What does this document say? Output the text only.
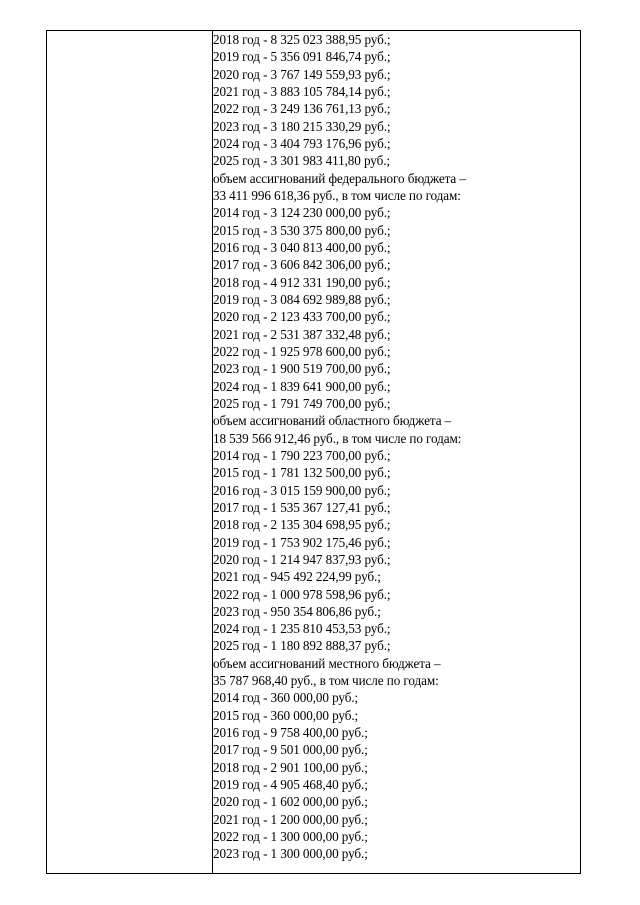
2018 год - 8 325 023 388,95 руб.;
2019 год - 5 356 091 846,74 руб.;
2020 год - 3 767 149 559,93 руб.;
2021 год - 3 883 105 784,14 руб.;
2022 год - 3 249 136 761,13 руб.;
2023 год - 3 180 215 330,29 руб.;
2024 год - 3 404 793 176,96 руб.;
2025 год - 3 301 983 411,80 руб.;
объем ассигнований федерального бюджета –
33 411 996 618,36 руб., в том числе по годам:
2014 год - 3 124 230 000,00 руб.;
2015 год - 3 530 375 800,00 руб.;
2016 год - 3 040 813 400,00 руб.;
2017 год - 3 606 842 306,00 руб.;
2018 год - 4 912 331 190,00 руб.;
2019 год - 3 084 692 989,88 руб.;
2020 год - 2 123 433 700,00 руб.;
2021 год - 2 531 387 332,48 руб.;
2022 год - 1 925 978 600,00 руб.;
2023 год - 1 900 519 700,00 руб.;
2024 год - 1 839 641 900,00 руб.;
2025 год - 1 791 749 700,00 руб.;
объем ассигнований областного бюджета –
18 539 566 912,46 руб., в том числе по годам:
2014 год - 1 790 223 700,00 руб.;
2015 год - 1 781 132 500,00 руб.;
2016 год - 3 015 159 900,00 руб.;
2017 год - 1 535 367 127,41 руб.;
2018 год - 2 135 304 698,95 руб.;
2019 год - 1 753 902 175,46 руб.;
2020 год - 1 214 947 837,93 руб.;
2021 год - 945 492 224,99 руб.;
2022 год - 1 000 978 598,96 руб.;
2023 год - 950 354 806,86 руб.;
2024 год - 1 235 810 453,53 руб.;
2025 год - 1 180 892 888,37 руб.;
объем ассигнований местного бюджета –
35 787 968,40 руб., в том числе по годам:
2014 год - 360 000,00 руб.;
2015 год - 360 000,00 руб.;
2016 год - 9 758 400,00 руб.;
2017 год - 9 501 000,00 руб.;
2018 год - 2 901 100,00 руб.;
2019 год - 4 905 468,40 руб.;
2020 год - 1 602 000,00 руб.;
2021 год - 1 200 000,00 руб.;
2022 год - 1 300 000,00 руб.;
2023 год - 1 300 000,00 руб.;
